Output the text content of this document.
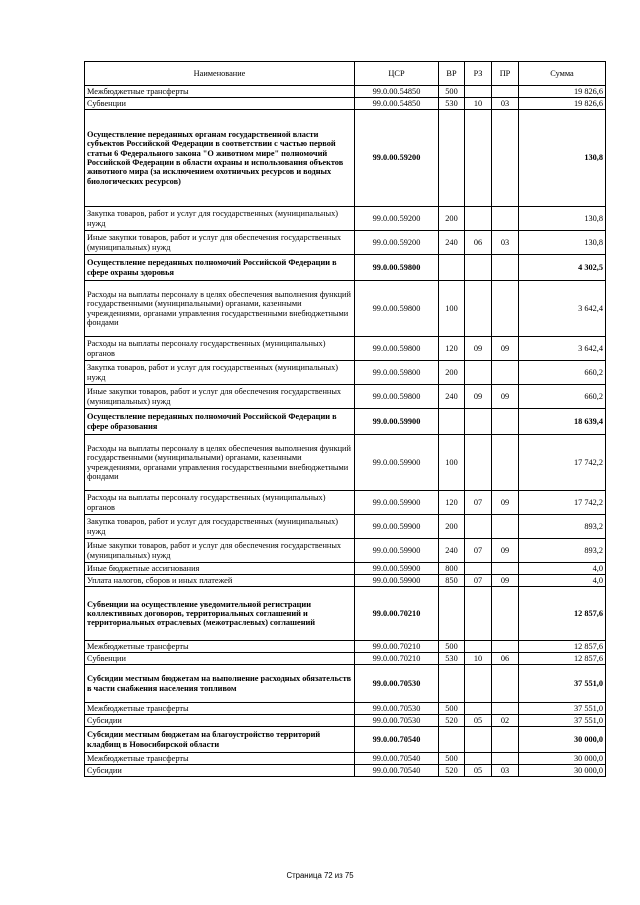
Наименование	ЦСР	ВР	РЗ	ПР	Сумма
Межбюджетные трансферты	99.0.00.54850	500			19 826,6
Субвенции	99.0.00.54850	530	10	03	19 826,6
Осуществление переданных органам государственной власти субъектов Российской Федерации в соответствии с частью первой статьи 6 Федерального закона "О животном мире" полномочий Российской Федерации в области охраны и использования объектов животного мира (за исключением охотничьих ресурсов и водных биологических ресурсов)	99.0.00.59200				130,8
Закупка товаров, работ и услуг для государственных (муниципальных) нужд	99.0.00.59200	200			130,8
Иные закупки товаров, работ и услуг для обеспечения государственных (муниципальных) нужд	99.0.00.59200	240	06	03	130,8
Осуществление переданных полномочий Российской Федерации в сфере охраны здоровья	99.0.00.59800				4 302,5
Расходы на выплаты персоналу в целях обеспечения выполнения функций государственными (муниципальными) органами, казенными учреждениями, органами управления государственными внебюджетными фондами	99.0.00.59800	100			3 642,4
Расходы на выплаты персоналу государственных (муниципальных) органов	99.0.00.59800	120	09	09	3 642,4
Закупка товаров, работ и услуг для государственных (муниципальных) нужд	99.0.00.59800	200			660,2
Иные закупки товаров, работ и услуг для обеспечения государственных (муниципальных) нужд	99.0.00.59800	240	09	09	660,2
Осуществление переданных полномочий Российской Федерации в сфере образования	99.0.00.59900				18 639,4
Расходы на выплаты персоналу в целях обеспечения выполнения функций государственными (муниципальными) органами, казенными учреждениями, органами управления государственными внебюджетными фондами	99.0.00.59900	100			17 742,2
Расходы на выплаты персоналу государственных (муниципальных) органов	99.0.00.59900	120	07	09	17 742,2
Закупка товаров, работ и услуг для государственных (муниципальных) нужд	99.0.00.59900	200			893,2
Иные закупки товаров, работ и услуг для обеспечения государственных (муниципальных) нужд	99.0.00.59900	240	07	09	893,2
Иные бюджетные ассигнования	99.0.00.59900	800			4,0
Уплата налогов, сборов и иных платежей	99.0.00.59900	850	07	09	4,0
Субвенции на осуществление уведомительной регистрации коллективных договоров, территориальных соглашений и территориальных отраслевых (межотраслевых) соглашений	99.0.00.70210				12 857,6
Межбюджетные трансферты	99.0.00.70210	500			12 857,6
Субвенции	99.0.00.70210	530	10	06	12 857,6
Субсидии местным бюджетам на выполнение расходных обязательств в части снабжения населения топливом	99.0.00.70530				37 551,0
Межбюджетные трансферты	99.0.00.70530	500			37 551,0
Субсидии	99.0.00.70530	520	05	02	37 551,0
Субсидии местным бюджетам на благоустройство территорий кладбищ в Новосибирской области	99.0.00.70540				30 000,0
Межбюджетные трансферты	99.0.00.70540	500			30 000,0
Субсидии	99.0.00.70540	520	05	03	30 000,0
Страница 72 из 75
